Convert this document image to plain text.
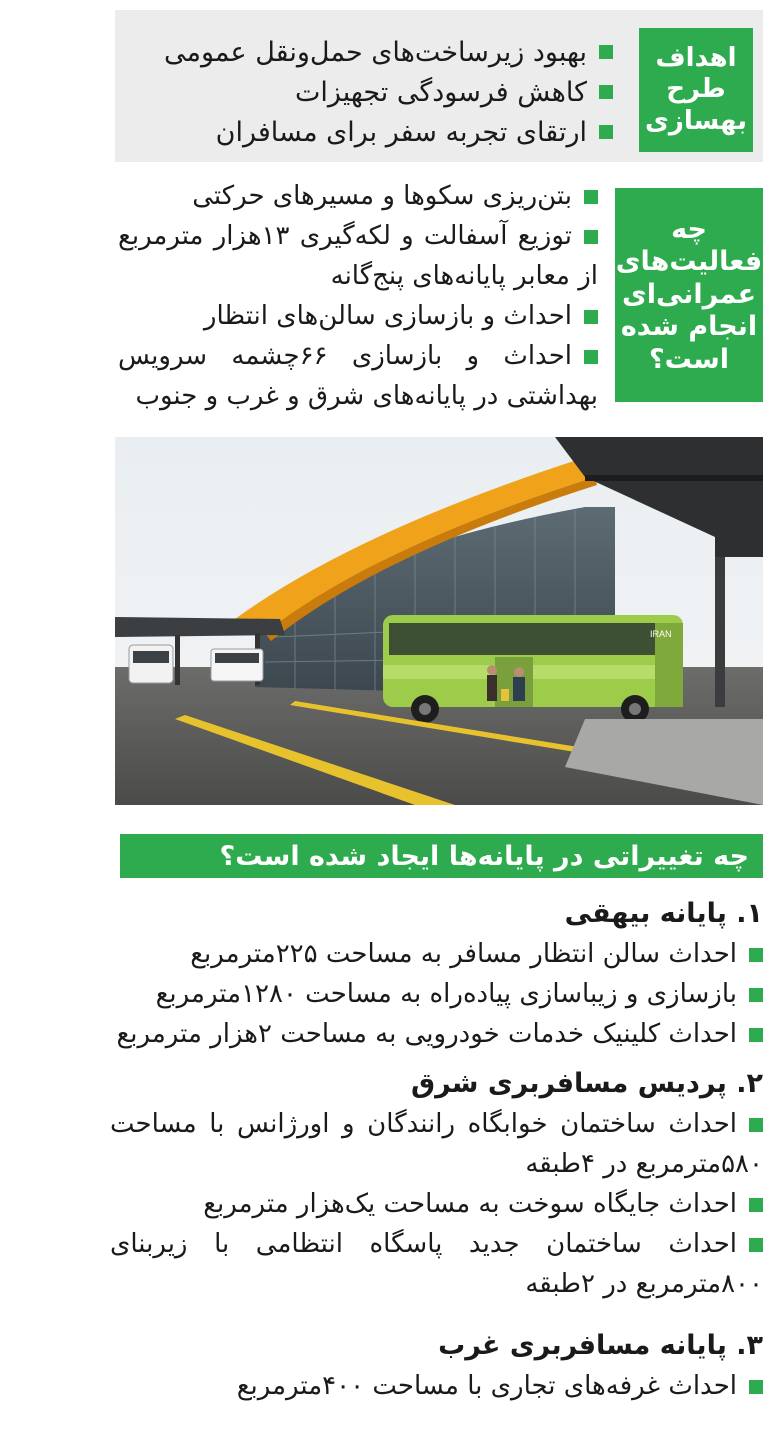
اهداف
طرح
بهسازی
بهبود زیرساخت‌های حمل‌ونقل عمومی
کاهش فرسودگی تجهیزات
ارتقای تجربه سفر برای مسافران
چه
فعالیت‌های
عمرانی‌ای
انجام شده
است؟
بتن‌ریزی سکوها و مسیرهای حرکتی
توزیع آسفالت و لکه‌گیری ۱۳هزار مترمربع از معابر پایانه‌های پنج‌گانه
احداث و بازسازی سالن‌های انتظار
احداث و بازسازی ۶۶چشمه سرویس بهداشتی در پایانه‌های شرق و غرب و جنوب
IRAN
چه تغییراتی در پایانه‌ها ایجاد شده است؟
۱. پایانه بیهقی
احداث سالن انتظار مسافر به مساحت ۲۲۵مترمربع
بازسازی و زیباسازی پیاده‌راه به مساحت ۱۲۸۰مترمربع
احداث کلینیک خدمات خودرویی به مساحت ۲هزار مترمربع
۲. پردیس مسافربری شرق
احداث ساختمان خوابگاه رانندگان و اورژانس با مساحت ۵۸۰مترمربع در ۴طبقه
احداث جایگاه سوخت به مساحت یک‌هزار مترمربع
احداث ساختمان جدید پاسگاه انتظامی با زیربنای ۸۰۰مترمربع در ۲طبقه
۳. پایانه مسافربری غرب
احداث غرفه‌های تجاری با مساحت ۴۰۰مترمربع
